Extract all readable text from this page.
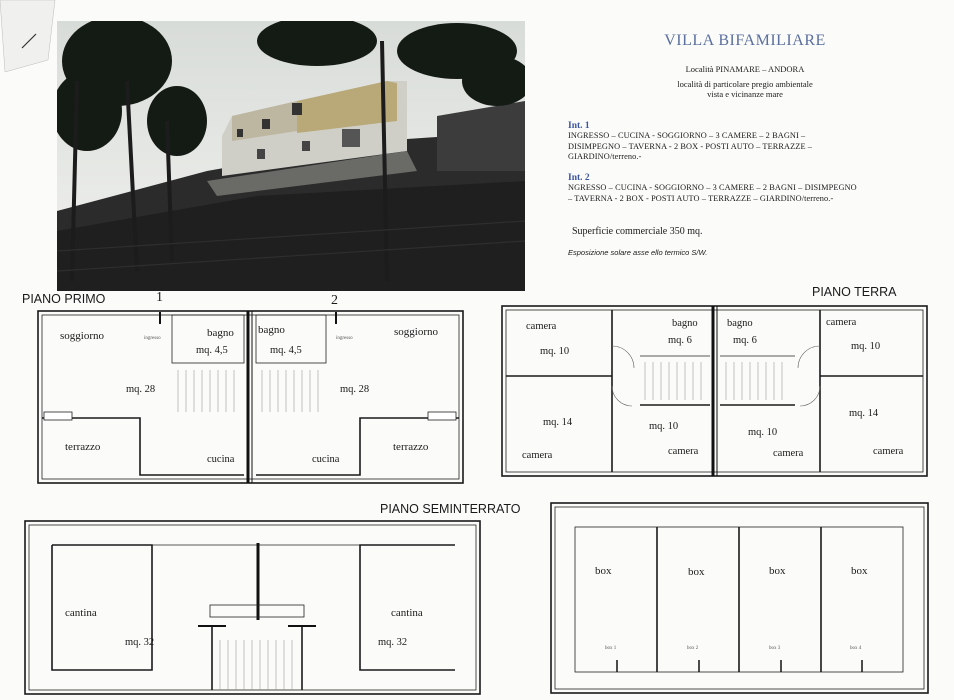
VILLA BIFAMILIARE
Località PINAMARE – ANDORA
località di particolare pregio ambientale
vista e vicinanze mare
Int. 1
INGRESSO – CUCINA - SOGGIORNO – 3 CAMERE – 2 BAGNI – DISIMPEGNO – TAVERNA - 2 BOX - POSTI AUTO – TERRAZZE – GIARDINO/terreno.-
Int. 2
NGRESSO – CUCINA - SOGGIORNO – 3 CAMERE – 2 BAGNI – DISIMPEGNO – TAVERNA - 2 BOX - POSTI AUTO – TERRAZZE – GIARDINO/terreno.-
Superficie commerciale 350 mq.
Esposizione solare asse ello termico S/W.
PIANO PRIMO	1	2
soggiorno	ingresso	bagno
mq. 4,5
mq. 28
terrazzo
cucina
bagno
mq. 4,5
ingresso
soggiorno
mq. 28
cucina
terrazzo
PIANO TERRA
camera
mq. 10
bagno
mq. 6
bagno
mq. 6
camera
mq. 10
mq. 14
camera
mq. 10
camera
mq. 10
camera
mq. 14
camera
PIANO SEMINTERRATO
cantina
mq. 32
cantina
mq. 32
box	box	box	box
box 1	box 2	box 3	box 4
